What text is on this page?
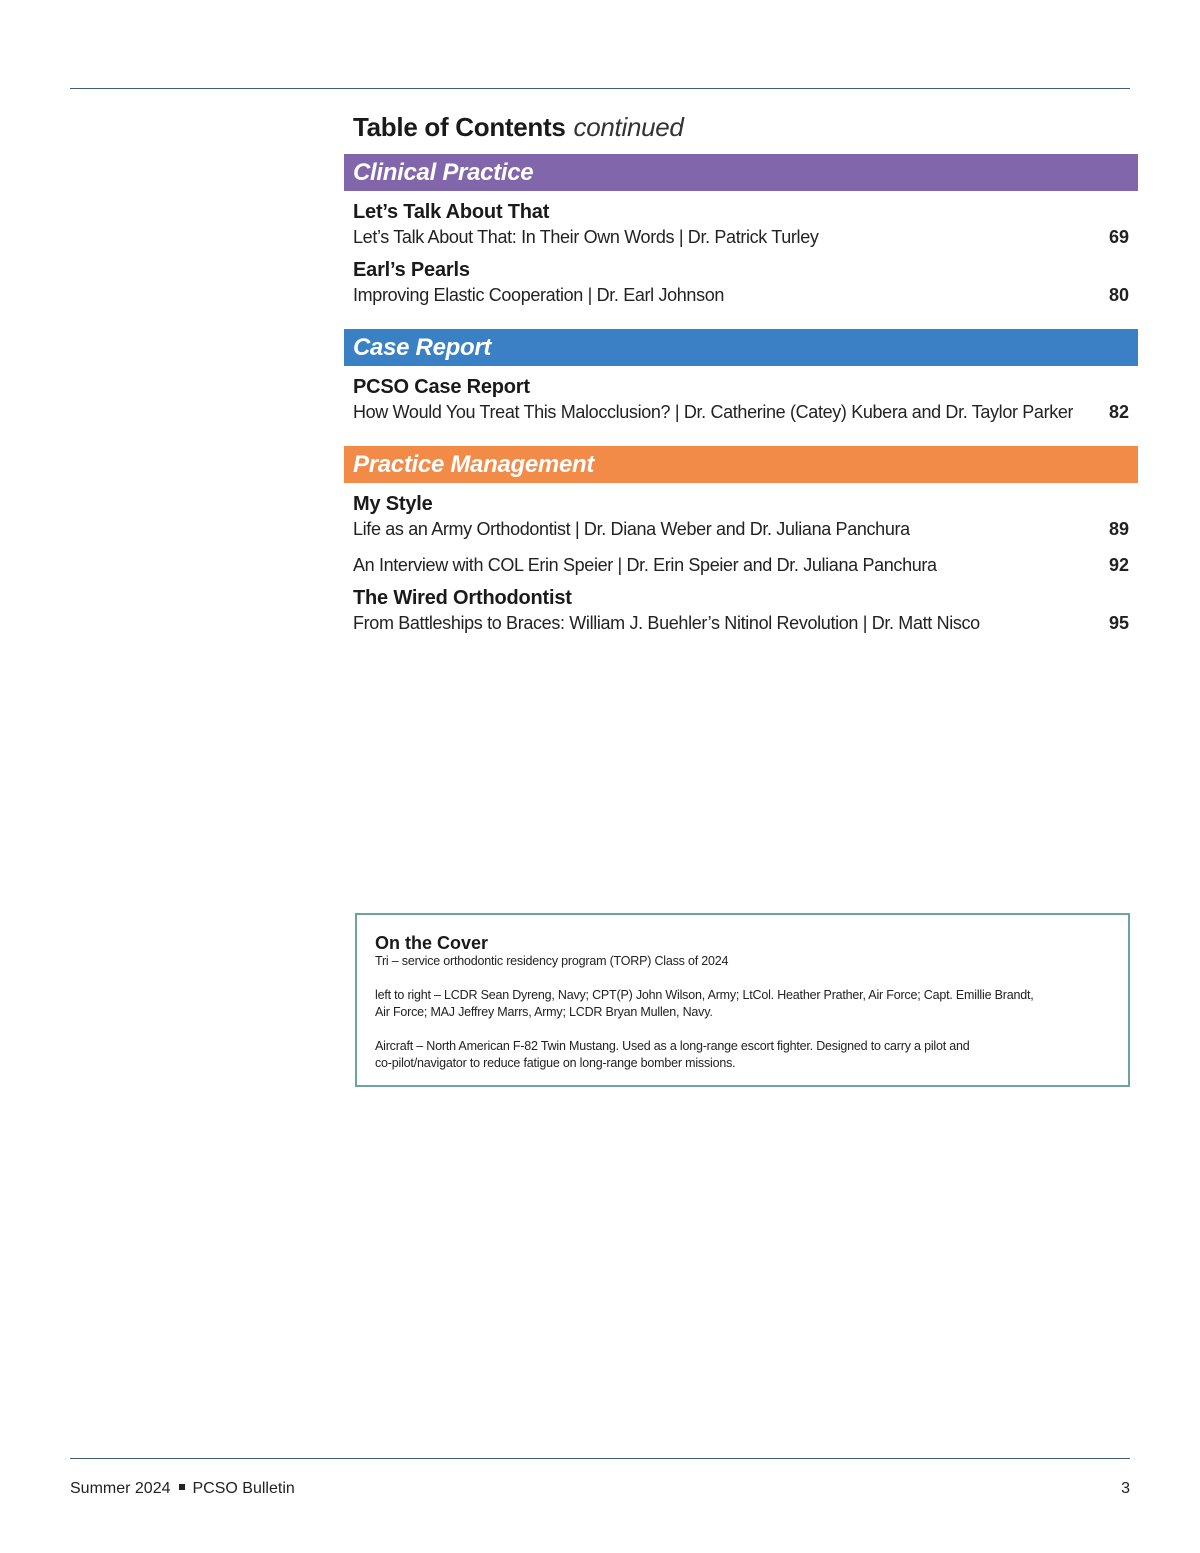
Table of Contents continued
Clinical Practice
Let’s Talk About That
Let’s Talk About That: In Their Own Words | Dr. Patrick Turley	69
Earl’s Pearls
Improving Elastic Cooperation | Dr. Earl Johnson	80
Case Report
PCSO Case Report
How Would You Treat This Malocclusion? | Dr. Catherine (Catey) Kubera and Dr. Taylor Parker	82
Practice Management
My Style
Life as an Army Orthodontist | Dr. Diana Weber and Dr. Juliana Panchura	89
An Interview with COL Erin Speier | Dr. Erin Speier and Dr. Juliana Panchura	92
The Wired Orthodontist
From Battleships to Braces: William J. Buehler’s Nitinol Revolution | Dr. Matt Nisco	95
On the Cover
Tri – service orthodontic residency program (TORP) Class of 2024
left to right – LCDR Sean Dyreng, Navy; CPT(P) John Wilson, Army; LtCol. Heather Prather, Air Force; Capt. Emillie Brandt,
Air Force; MAJ Jeffrey Marrs, Army; LCDR Bryan Mullen, Navy.
Aircraft – North American F-82 Twin Mustang. Used as a long-range escort fighter. Designed to carry a pilot and
co-pilot/navigator to reduce fatigue on long-range bomber missions.
Summer 2024 PCSO Bulletin	3
